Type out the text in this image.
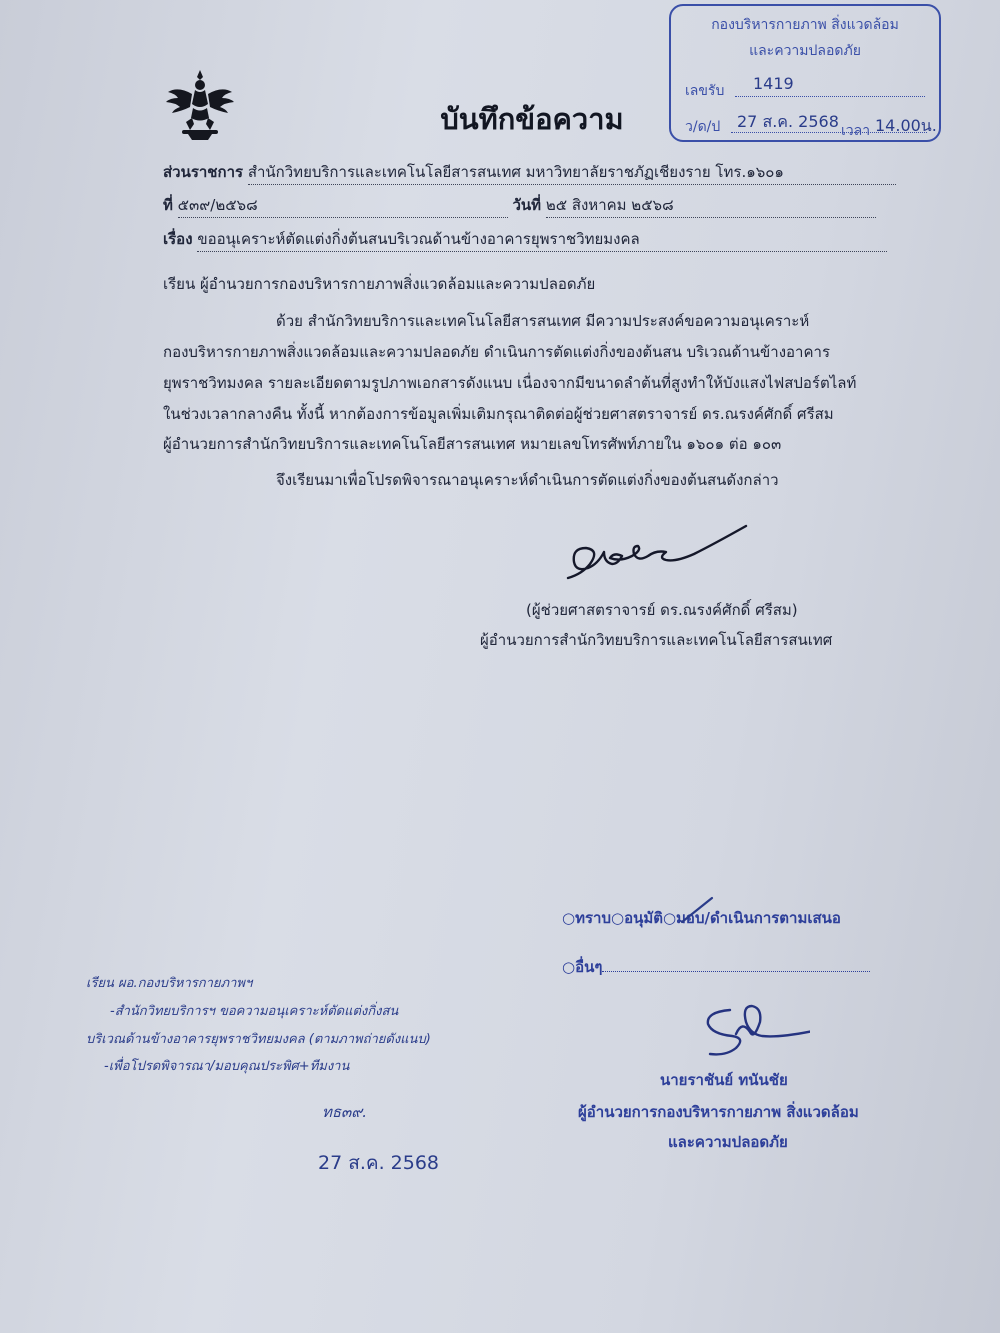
บันทึกข้อความ
กองบริหารกายภาพ สิ่งแวดล้อม
และความปลอดภัย
เลขรับ 1419
ว/ด/ป 27 ส.ค. 2568 เวลา 14.00น.
ส่วนราชการ สำนักวิทยบริการและเทคโนโลยีสารสนเทศ มหาวิทยาลัยราชภัฏเชียงราย โทร.๑๖๐๑
ที่ ๕๓๙/๒๕๖๘	วันที่ ๒๕ สิงหาคม ๒๕๖๘
เรื่อง ขออนุเคราะห์ตัดแต่งกิ่งต้นสนบริเวณด้านข้างอาคารยุพราชวิทยมงคล
เรียน ผู้อำนวยการกองบริหารกายภาพสิ่งแวดล้อมและความปลอดภัย
ด้วย สำนักวิทยบริการและเทคโนโลยีสารสนเทศ มีความประสงค์ขอความอนุเคราะห์
กองบริหารกายภาพสิ่งแวดล้อมและความปลอดภัย ดำเนินการตัดแต่งกิ่งของต้นสน บริเวณด้านข้างอาคาร
ยุพราชวิทมงคล รายละเอียดตามรูปภาพเอกสารดังแนบ เนื่องจากมีขนาดลำต้นที่สูงทำให้บังแสงไฟสปอร์ตไลท์
ในช่วงเวลากลางคืน ทั้งนี้ หากต้องการข้อมูลเพิ่มเติมกรุณาติดต่อผู้ช่วยศาสตราจารย์ ดร.ณรงค์ศักดิ์ ศรีสม
ผู้อำนวยการสำนักวิทยบริการและเทคโนโลยีสารสนเทศ หมายเลขโทรศัพท์ภายใน ๑๖๐๑ ต่อ ๑๐๓
จึงเรียนมาเพื่อโปรดพิจารณาอนุเคราะห์ดำเนินการตัดแต่งกิ่งของต้นสนดังกล่าว
(ผู้ช่วยศาสตราจารย์ ดร.ณรงค์ศักดิ์ ศรีสม)
ผู้อำนวยการสำนักวิทยบริการและเทคโนโลยีสารสนเทศ
○ทราบ○อนุมัติ○มอบ/ดำเนินการตามเสนอ
○อื่นๆ
นายราชันย์ ทนันชัย
ผู้อำนวยการกองบริหารกายภาพ สิ่งแวดล้อม
และความปลอดภัย
เรียน ผอ.กองบริหารกายภาพฯ
-สำนักวิทยบริการฯ ขอความอนุเคราะห์ตัดแต่งกิ่งสน
บริเวณด้านข้างอาคารยุพราชวิทยมงคล (ตามภาพถ่ายดังแนบ)
-เพื่อโปรดพิจารณา/มอบคุณประพิศ+ทีมงาน
ทธ๓๙.
27 ส.ค. 2568
